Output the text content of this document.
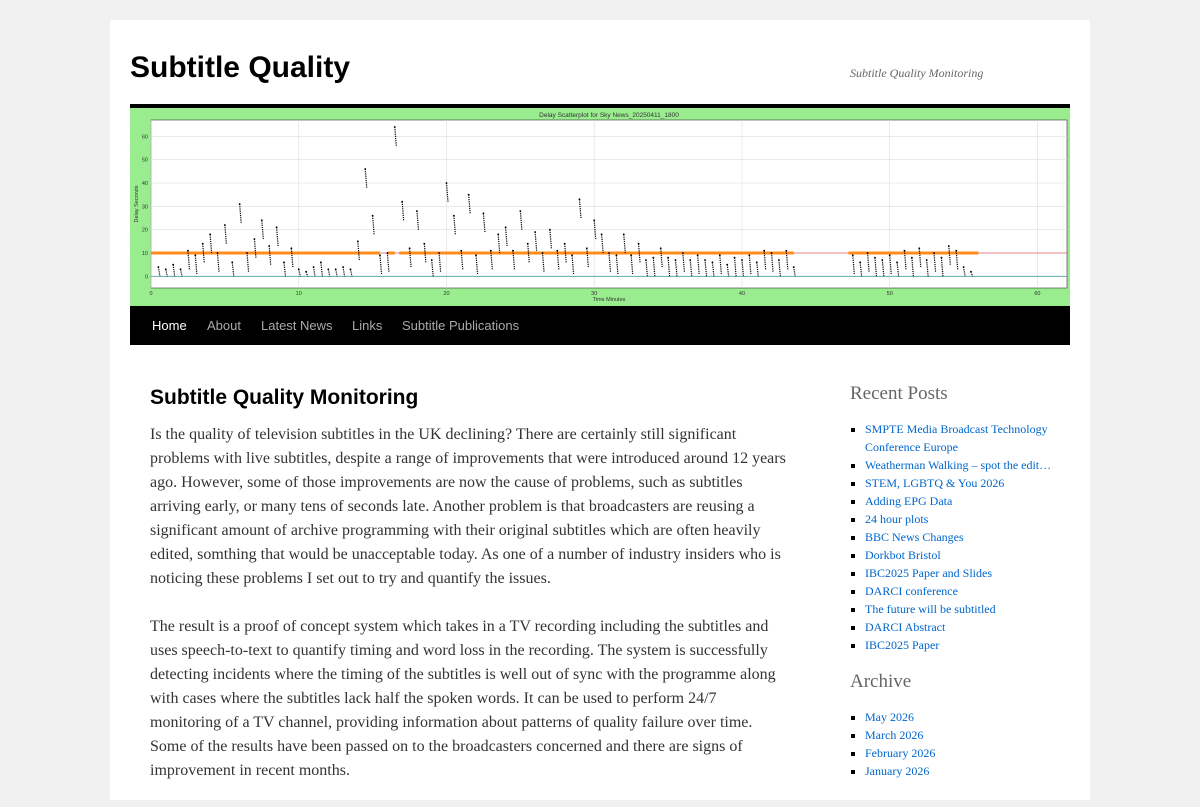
Subtitle Quality	Subtitle Quality Monitoring
Delay Scatterplot for Sky News_20250411_1800
Time Minutes
Delay Seconds
0	10	20	30	40	50	60
0
10
20
30
40
50
60
Home	About	Latest News	Links	Subtitle Publications
Subtitle Quality Monitoring

Is the quality of television subtitles in the UK declining? There are certainly still significant problems with live subtitles, despite a range of improvements that were introduced around 12 years ago. However, some of those improvements are now the cause of problems, such as subtitles arriving early, or many tens of seconds late. Another problem is that broadcasters are reusing a significant amount of archive programming with their original subtitles which are often heavily edited, somthing that would be unacceptable today. As one of a number of industry insiders who is noticing these problems I set out to try and quantify the issues.

The result is a proof of concept system which takes in a TV recording including the subtitles and uses speech-to-text to quantify timing and word loss in the recording. The system is successfully detecting incidents where the timing of the subtitles is well out of sync with the programme along with cases where the subtitles lack half the spoken words. It can be used to perform 24/7 monitoring of a TV channel, providing information about patterns of quality failure over time. Some of the results have been passed on to the broadcasters concerned and there are signs of improvement in recent months.

Recent Posts
▪ SMPTE Media Broadcast Technology Conference Europe
▪ Weatherman Walking – spot the edit…
▪ STEM, LGBTQ & You 2026
▪ Adding EPG Data
▪ 24 hour plots
▪ BBC News Changes
▪ Dorkbot Bristol
▪ IBC2025 Paper and Slides
▪ DARCI conference
▪ The future will be subtitled
▪ DARCI Abstract
▪ IBC2025 Paper
Archive
▪ May 2026
▪ March 2026
▪ February 2026
▪ January 2026
